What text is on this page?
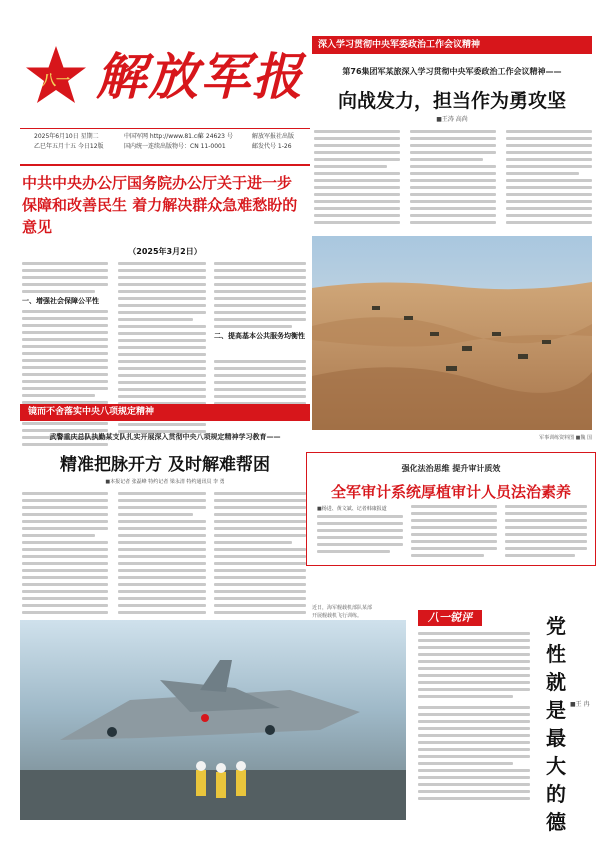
八一 解放军报
2025年6月10日 星期二
乙巳年五月十五 今日12版
中国军网 http://www.81.cn
第 24623 号
国内统一连续出版物号：CN 11-0001
解放军报社出版
邮发代号 1-26
深入学习贯彻中央军委政治工作会议精神
第76集团军某旅深入学习贯彻中央军委政治工作会议精神——
向战发力，担当作为勇攻坚
■王涛 高尚
军事训练资料图 ■魏 国
中共中央办公厅国务院办公厅关于进一步保障和改善民生 着力解决群众急难愁盼的意见
（2025年3月2日）
一、增强社会保障公平性
二、提高基本公共服务均衡性
镜而不舍落实中央八项规定精神
武警重庆总队执勤某支队扎实开展深入贯彻中央八项规定精神学习教育——
精准把脉开方 及时解难帮困
■本报记者 张磊峰 特约记者 梁永清 特约通讯员 李 勇
强化法治思维 提升审计质效
全军审计系统厚植审计人员法治素养
■杨进、黄文斌、记者韩康报道
近日，海军舰载机部队某部
开展舰载机飞行训练。	八一锐评	党性就是最大的德
■王 冉
